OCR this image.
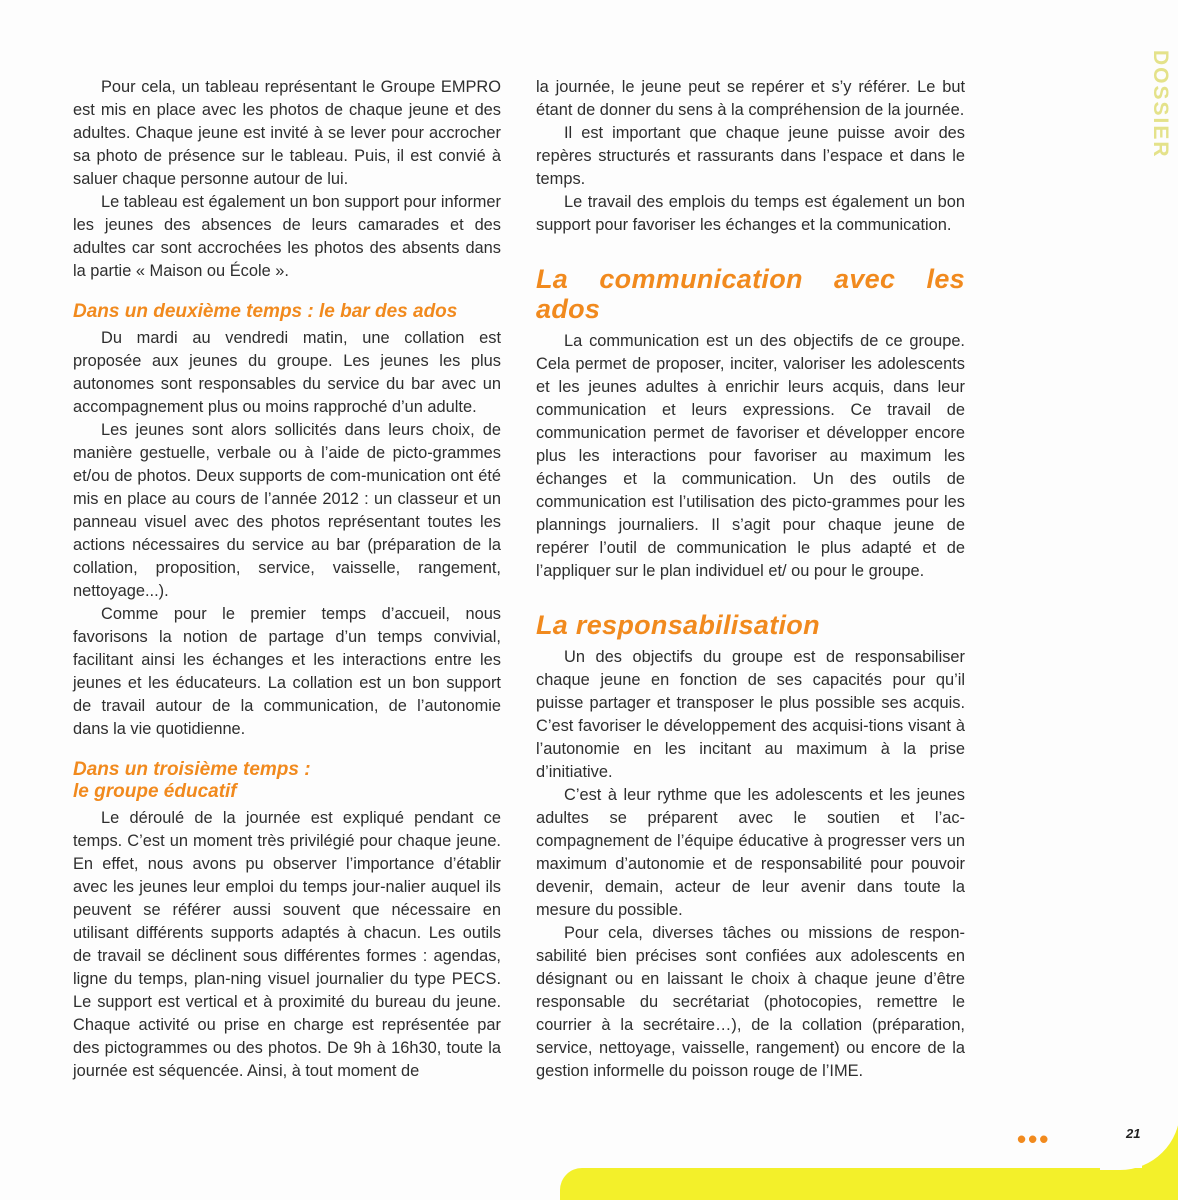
DOSSIER

Pour cela, un tableau représentant le Groupe EMPRO est mis en place avec les photos de chaque jeune et des adultes. Chaque jeune est invité à se lever pour accrocher sa photo de présence sur le tableau. Puis, il est convié à saluer chaque personne autour de lui.

Le tableau est également un bon support pour informer les jeunes des absences de leurs camarades et des adultes car sont accrochées les photos des absents dans la partie « Maison ou École ».

Dans un deuxième temps : le bar des ados

Du mardi au vendredi matin, une collation est proposée aux jeunes du groupe. Les jeunes les plus autonomes sont responsables du service du bar avec un accompagnement plus ou moins rapproché d’un adulte.

Les jeunes sont alors sollicités dans leurs choix, de manière gestuelle, verbale ou à l’aide de picto-grammes et/ou de photos. Deux supports de com-munication ont été mis en place au cours de l’année 2012 : un classeur et un panneau visuel avec des photos représentant toutes les actions nécessaires du service au bar (préparation de la collation, proposition, service, vaisselle, rangement, nettoyage...).

Comme pour le premier temps d’accueil, nous favorisons la notion de partage d’un temps convivial, facilitant ainsi les échanges et les interactions entre les jeunes et les éducateurs. La collation est un bon support de travail autour de la communication, de l’autonomie dans la vie quotidienne.

Dans un troisième temps :
le groupe éducatif

Le déroulé de la journée est expliqué pendant ce temps. C’est un moment très privilégié pour chaque jeune. En effet, nous avons pu observer l’importance d’établir avec les jeunes leur emploi du temps jour-nalier auquel ils peuvent se référer aussi souvent que nécessaire en utilisant différents supports adaptés à chacun. Les outils de travail se déclinent sous différentes formes : agendas, ligne du temps, plan-ning visuel journalier du type PECS. Le support est vertical et à proximité du bureau du jeune. Chaque activité ou prise en charge est représentée par des pictogrammes ou des photos. De 9h à 16h30, toute la journée est séquencée. Ainsi, à tout moment de

la journée, le jeune peut se repérer et s’y référer. Le but étant de donner du sens à la compréhension de la journée.

Il est important que chaque jeune puisse avoir des repères structurés et rassurants dans l’espace et dans le temps.

Le travail des emplois du temps est également un bon support pour favoriser les échanges et la communication.

La communication avec les ados

La communication est un des objectifs de ce groupe. Cela permet de proposer, inciter, valoriser les adolescents et les jeunes adultes à enrichir leurs acquis, dans leur communication et leurs expressions. Ce travail de communication permet de favoriser et développer encore plus les interactions pour favoriser au maximum les échanges et la communication. Un des outils de communication est l’utilisation des picto-grammes pour les plannings journaliers. Il s’agit pour chaque jeune de repérer l’outil de communication le plus adapté et de l’appliquer sur le plan individuel et/ ou pour le groupe.

La responsabilisation

Un des objectifs du groupe est de responsabiliser chaque jeune en fonction de ses capacités pour qu’il puisse partager et transposer le plus possible ses acquis. C’est favoriser le développement des acquisi-tions visant à l’autonomie en les incitant au maximum à la prise d’initiative.

C’est à leur rythme que les adolescents et les jeunes adultes se préparent avec le soutien et l’ac-compagnement de l’équipe éducative à progresser vers un maximum d’autonomie et de responsabilité pour pouvoir devenir, demain, acteur de leur avenir dans toute la mesure du possible.

Pour cela, diverses tâches ou missions de respon-sabilité bien précises sont confiées aux adolescents en désignant ou en laissant le choix à chaque jeune d’être responsable du secrétariat (photocopies, remettre le courrier à la secrétaire…), de la collation (préparation, service, nettoyage, vaisselle, rangement) ou encore de la gestion informelle du poisson rouge de l’IME.

•••	21
